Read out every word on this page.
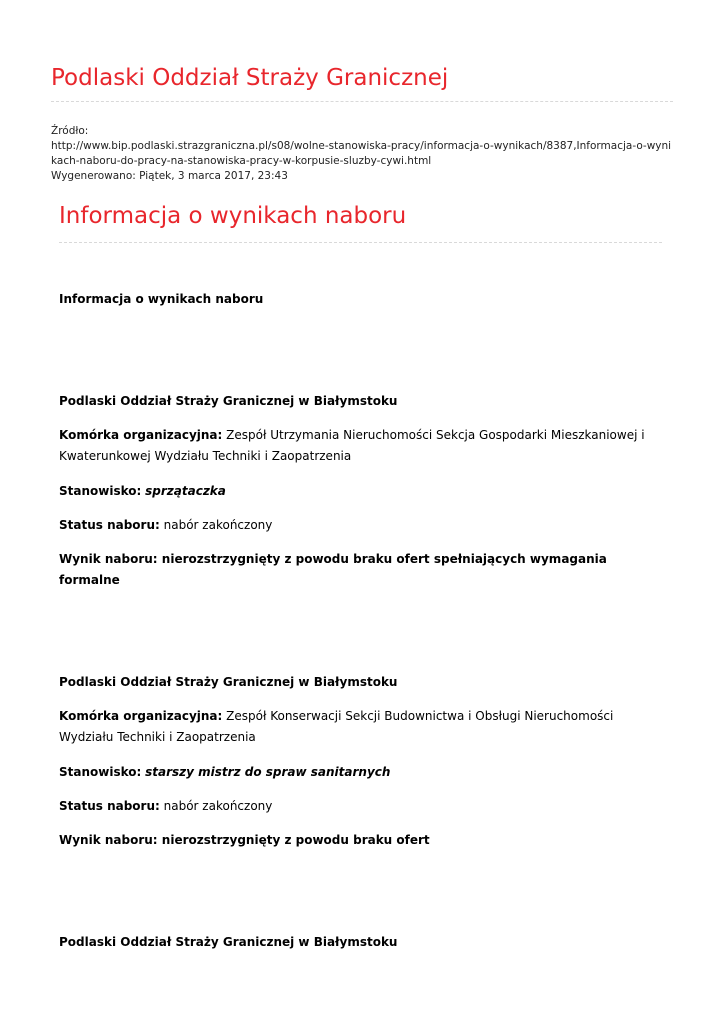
Podlaski Oddział Straży Granicznej
Źródło:
http://www.bip.podlaski.strazgraniczna.pl/s08/wolne-stanowiska-pracy/informacja-o-wynikach/8387,Informacja-o-wynikach-naboru-do-pracy-na-stanowiska-pracy-w-korpusie-sluzby-cywi.html
Wygenerowano: Piątek, 3 marca 2017, 23:43
Informacja o wynikach naboru

Informacja o wynikach naboru

Podlaski Oddział Straży Granicznej w Białymstoku

Komórka organizacyjna: Zespół Utrzymania Nieruchomości Sekcja Gospodarki Mieszkaniowej i Kwaterunkowej Wydziału Techniki i Zaopatrzenia

Stanowisko: sprzątaczka

Status naboru: nabór zakończony

Wynik naboru: nierozstrzygnięty z powodu braku ofert spełniających wymagania formalne

Podlaski Oddział Straży Granicznej w Białymstoku

Komórka organizacyjna: Zespół Konserwacji Sekcji Budownictwa i Obsługi Nieruchomości Wydziału Techniki i Zaopatrzenia

Stanowisko: starszy mistrz do spraw sanitarnych

Status naboru: nabór zakończony

Wynik naboru: nierozstrzygnięty z powodu braku ofert

Podlaski Oddział Straży Granicznej w Białymstoku
